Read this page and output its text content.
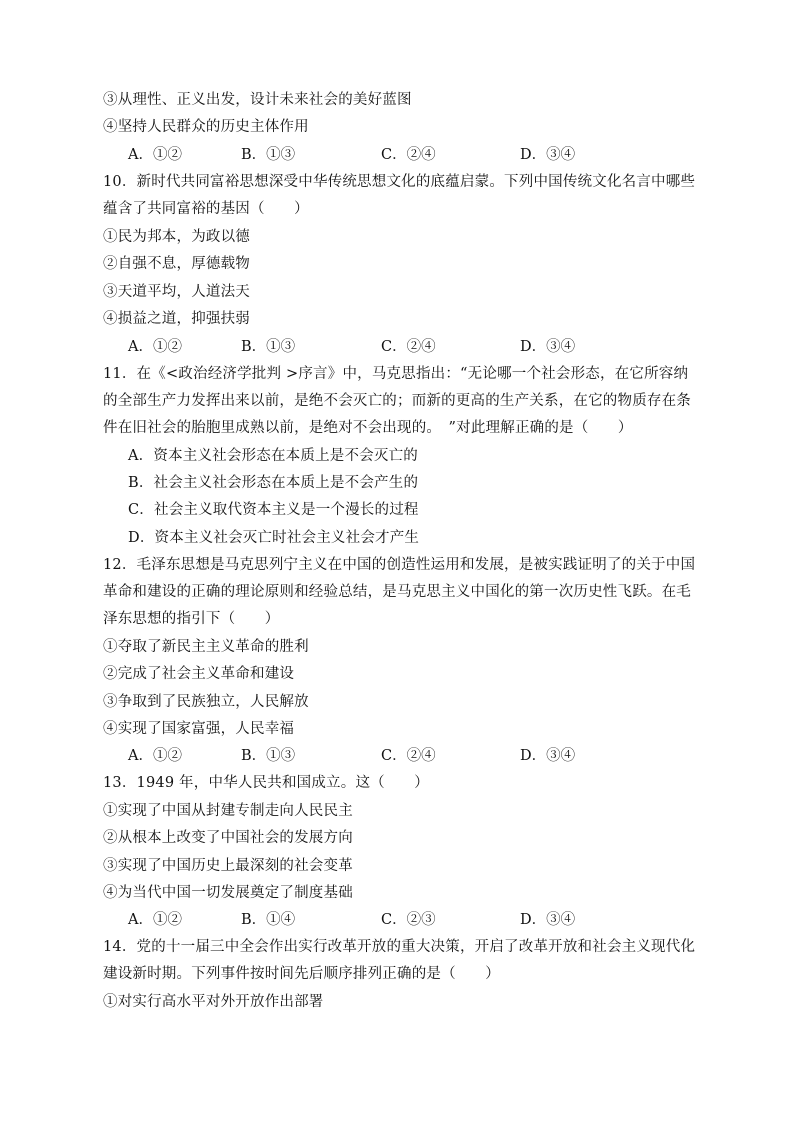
③从理性、正义出发，设计未来社会的美好蓝图
④坚持人民群众的历史主体作用
A．①②	B．①③	C．②④	D．③④
10．新时代共同富裕思想深受中华传统思想文化的底蕴启蒙。下列中国传统文化名言中哪些
蕴含了共同富裕的基因（　　）
①民为邦本，为政以德
②自强不息，厚德载物
③天道平均，人道法天
④损益之道，抑强扶弱
A．①②	B．①③	C．②④	D．③④
11．在《<政治经济学批判 >序言》中，马克思指出：“无论哪一个社会形态，在它所容纳
的全部生产力发挥出来以前，是绝不会灭亡的；而新的更高的生产关系，在它的物质存在条
件在旧社会的胎胞里成熟以前，是绝对不会出现的。　”对此理解正确的是（　　）
A．资本主义社会形态在本质上是不会灭亡的
B．社会主义社会形态在本质上是不会产生的
C．社会主义取代资本主义是一个漫长的过程
D．资本主义社会灭亡时社会主义社会才产生
12．毛泽东思想是马克思列宁主义在中国的创造性运用和发展，是被实践证明了的关于中国
革命和建设的正确的理论原则和经验总结，是马克思主义中国化的第一次历史性飞跃。在毛
泽东思想的指引下（　　）
①夺取了新民主主义革命的胜利
②完成了社会主义革命和建设
③争取到了民族独立，人民解放
④实现了国家富强，人民幸福
A．①②	B．①③	C．②④	D．③④
13．1949 年，中华人民共和国成立。这（　　）
①实现了中国从封建专制走向人民民主
②从根本上改变了中国社会的发展方向
③实现了中国历史上最深刻的社会变革
④为当代中国一切发展奠定了制度基础
A．①②	B．①④	C．②③	D．③④
14．党的十一届三中全会作出实行改革开放的重大决策，开启了改革开放和社会主义现代化
建设新时期。下列事件按时间先后顺序排列正确的是（　　）
①对实行高水平对外开放作出部署
